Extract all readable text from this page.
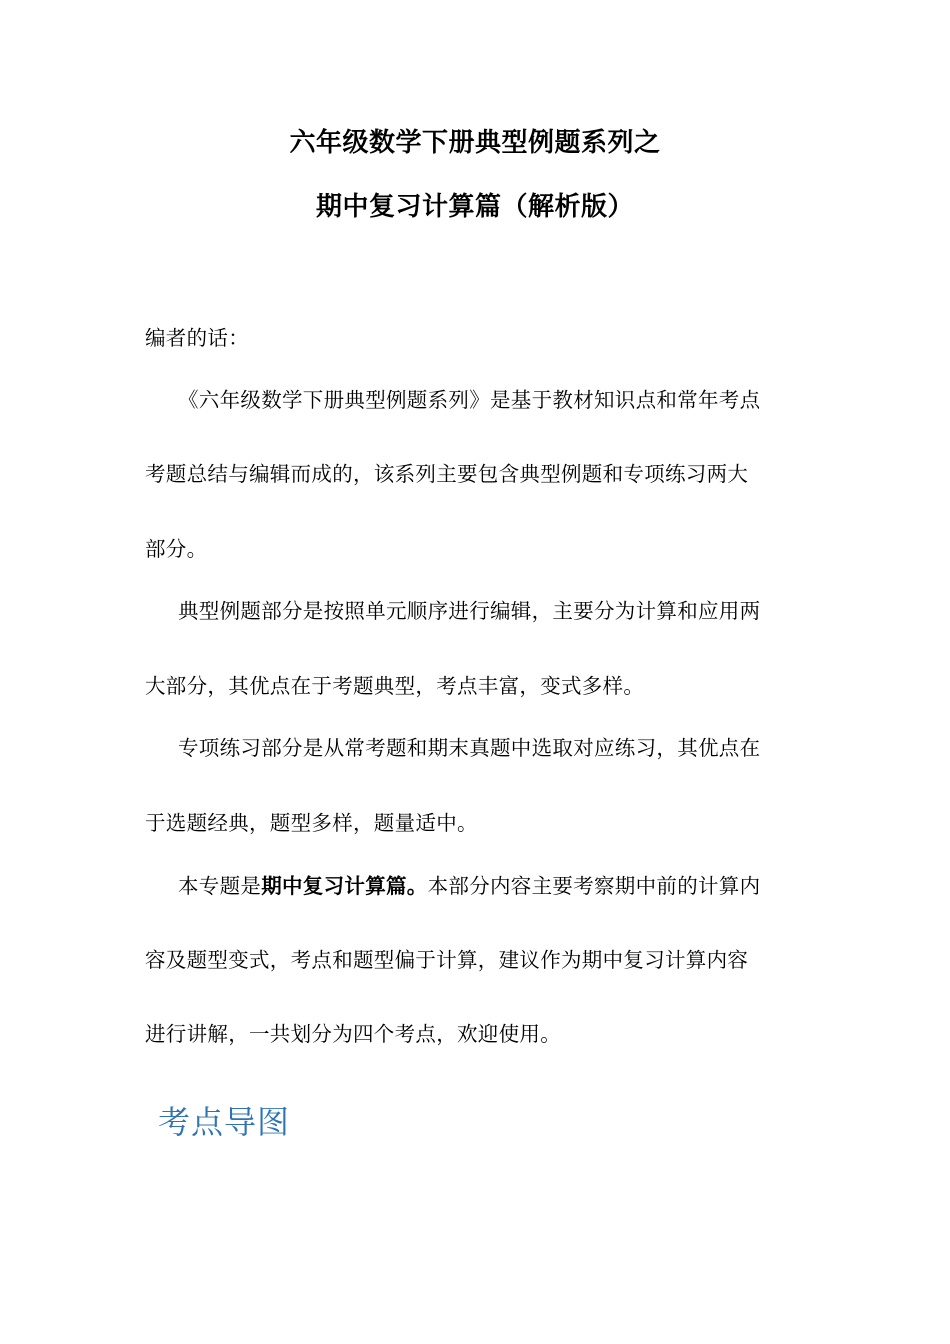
六年级数学下册典型例题系列之
期中复习计算篇（解析版）
编者的话：
《六年级数学下册典型例题系列》是基于教材知识点和常年考点
考题总结与编辑而成的，该系列主要包含典型例题和专项练习两大
部分。
典型例题部分是按照单元顺序进行编辑，主要分为计算和应用两
大部分，其优点在于考题典型，考点丰富，变式多样。
专项练习部分是从常考题和期末真题中选取对应练习，其优点在
于选题经典，题型多样，题量适中。
本专题是期中复习计算篇。本部分内容主要考察期中前的计算内
容及题型变式，考点和题型偏于计算，建议作为期中复习计算内容
进行讲解，一共划分为四个考点，欢迎使用。
考点导图
